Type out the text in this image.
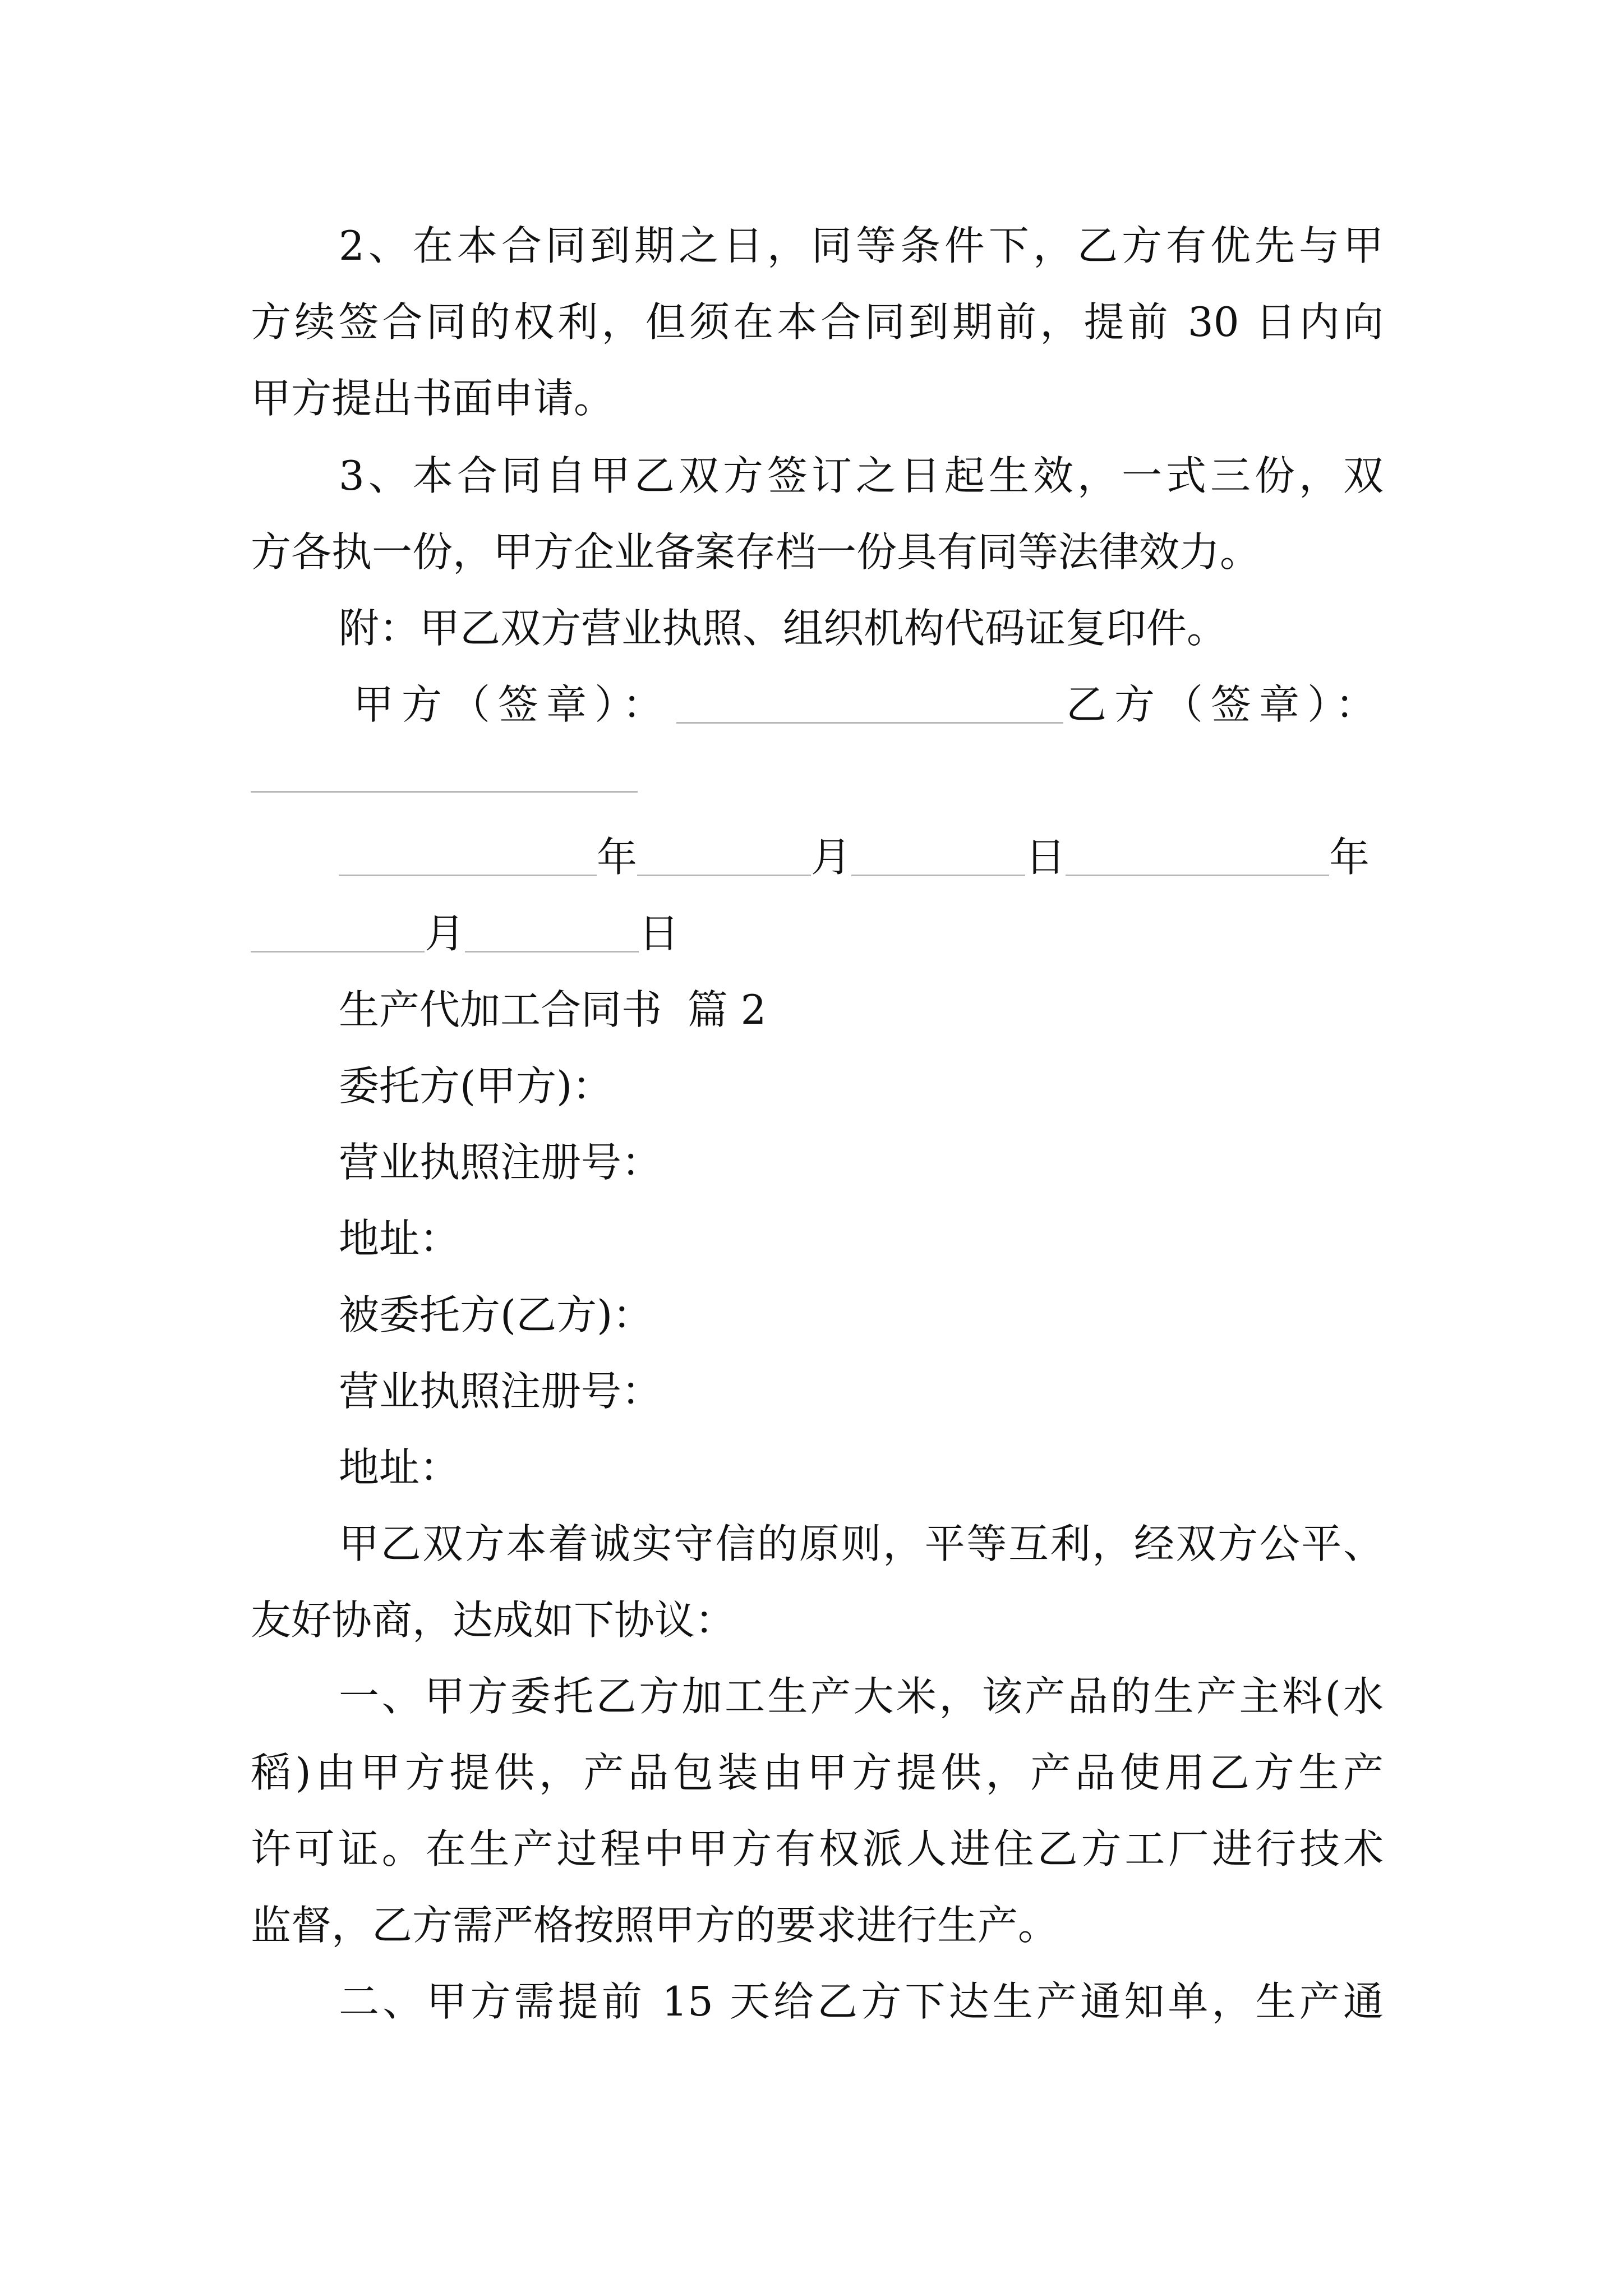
2、在本合同到期之日，同等条件下，乙方有优先与甲
方续签合同的权利，但须在本合同到期前，提前 30 日内向
甲方提出书面申请。
3、本合同自甲乙双方签订之日起生效，一式三份，双
方各执一份，甲方企业备案存档一份具有同等法律效力。
附：甲乙双方营业执照、组织机构代码证复印件。
甲方（签章）：	乙方（签章）：
年	月	日	年
月	日
生产代加工合同书  篇 2
委托方(甲方)：
营业执照注册号：
地址：
被委托方(乙方)：
营业执照注册号：
地址：
甲乙双方本着诚实守信的原则，平等互利，经双方公平、
友好协商，达成如下协议：
一、甲方委托乙方加工生产大米，该产品的生产主料(水
稻)由甲方提供，产品包装由甲方提供，产品使用乙方生产
许可证。在生产过程中甲方有权派人进住乙方工厂进行技术
监督，乙方需严格按照甲方的要求进行生产。
二、甲方需提前 15 天给乙方下达生产通知单，生产通
